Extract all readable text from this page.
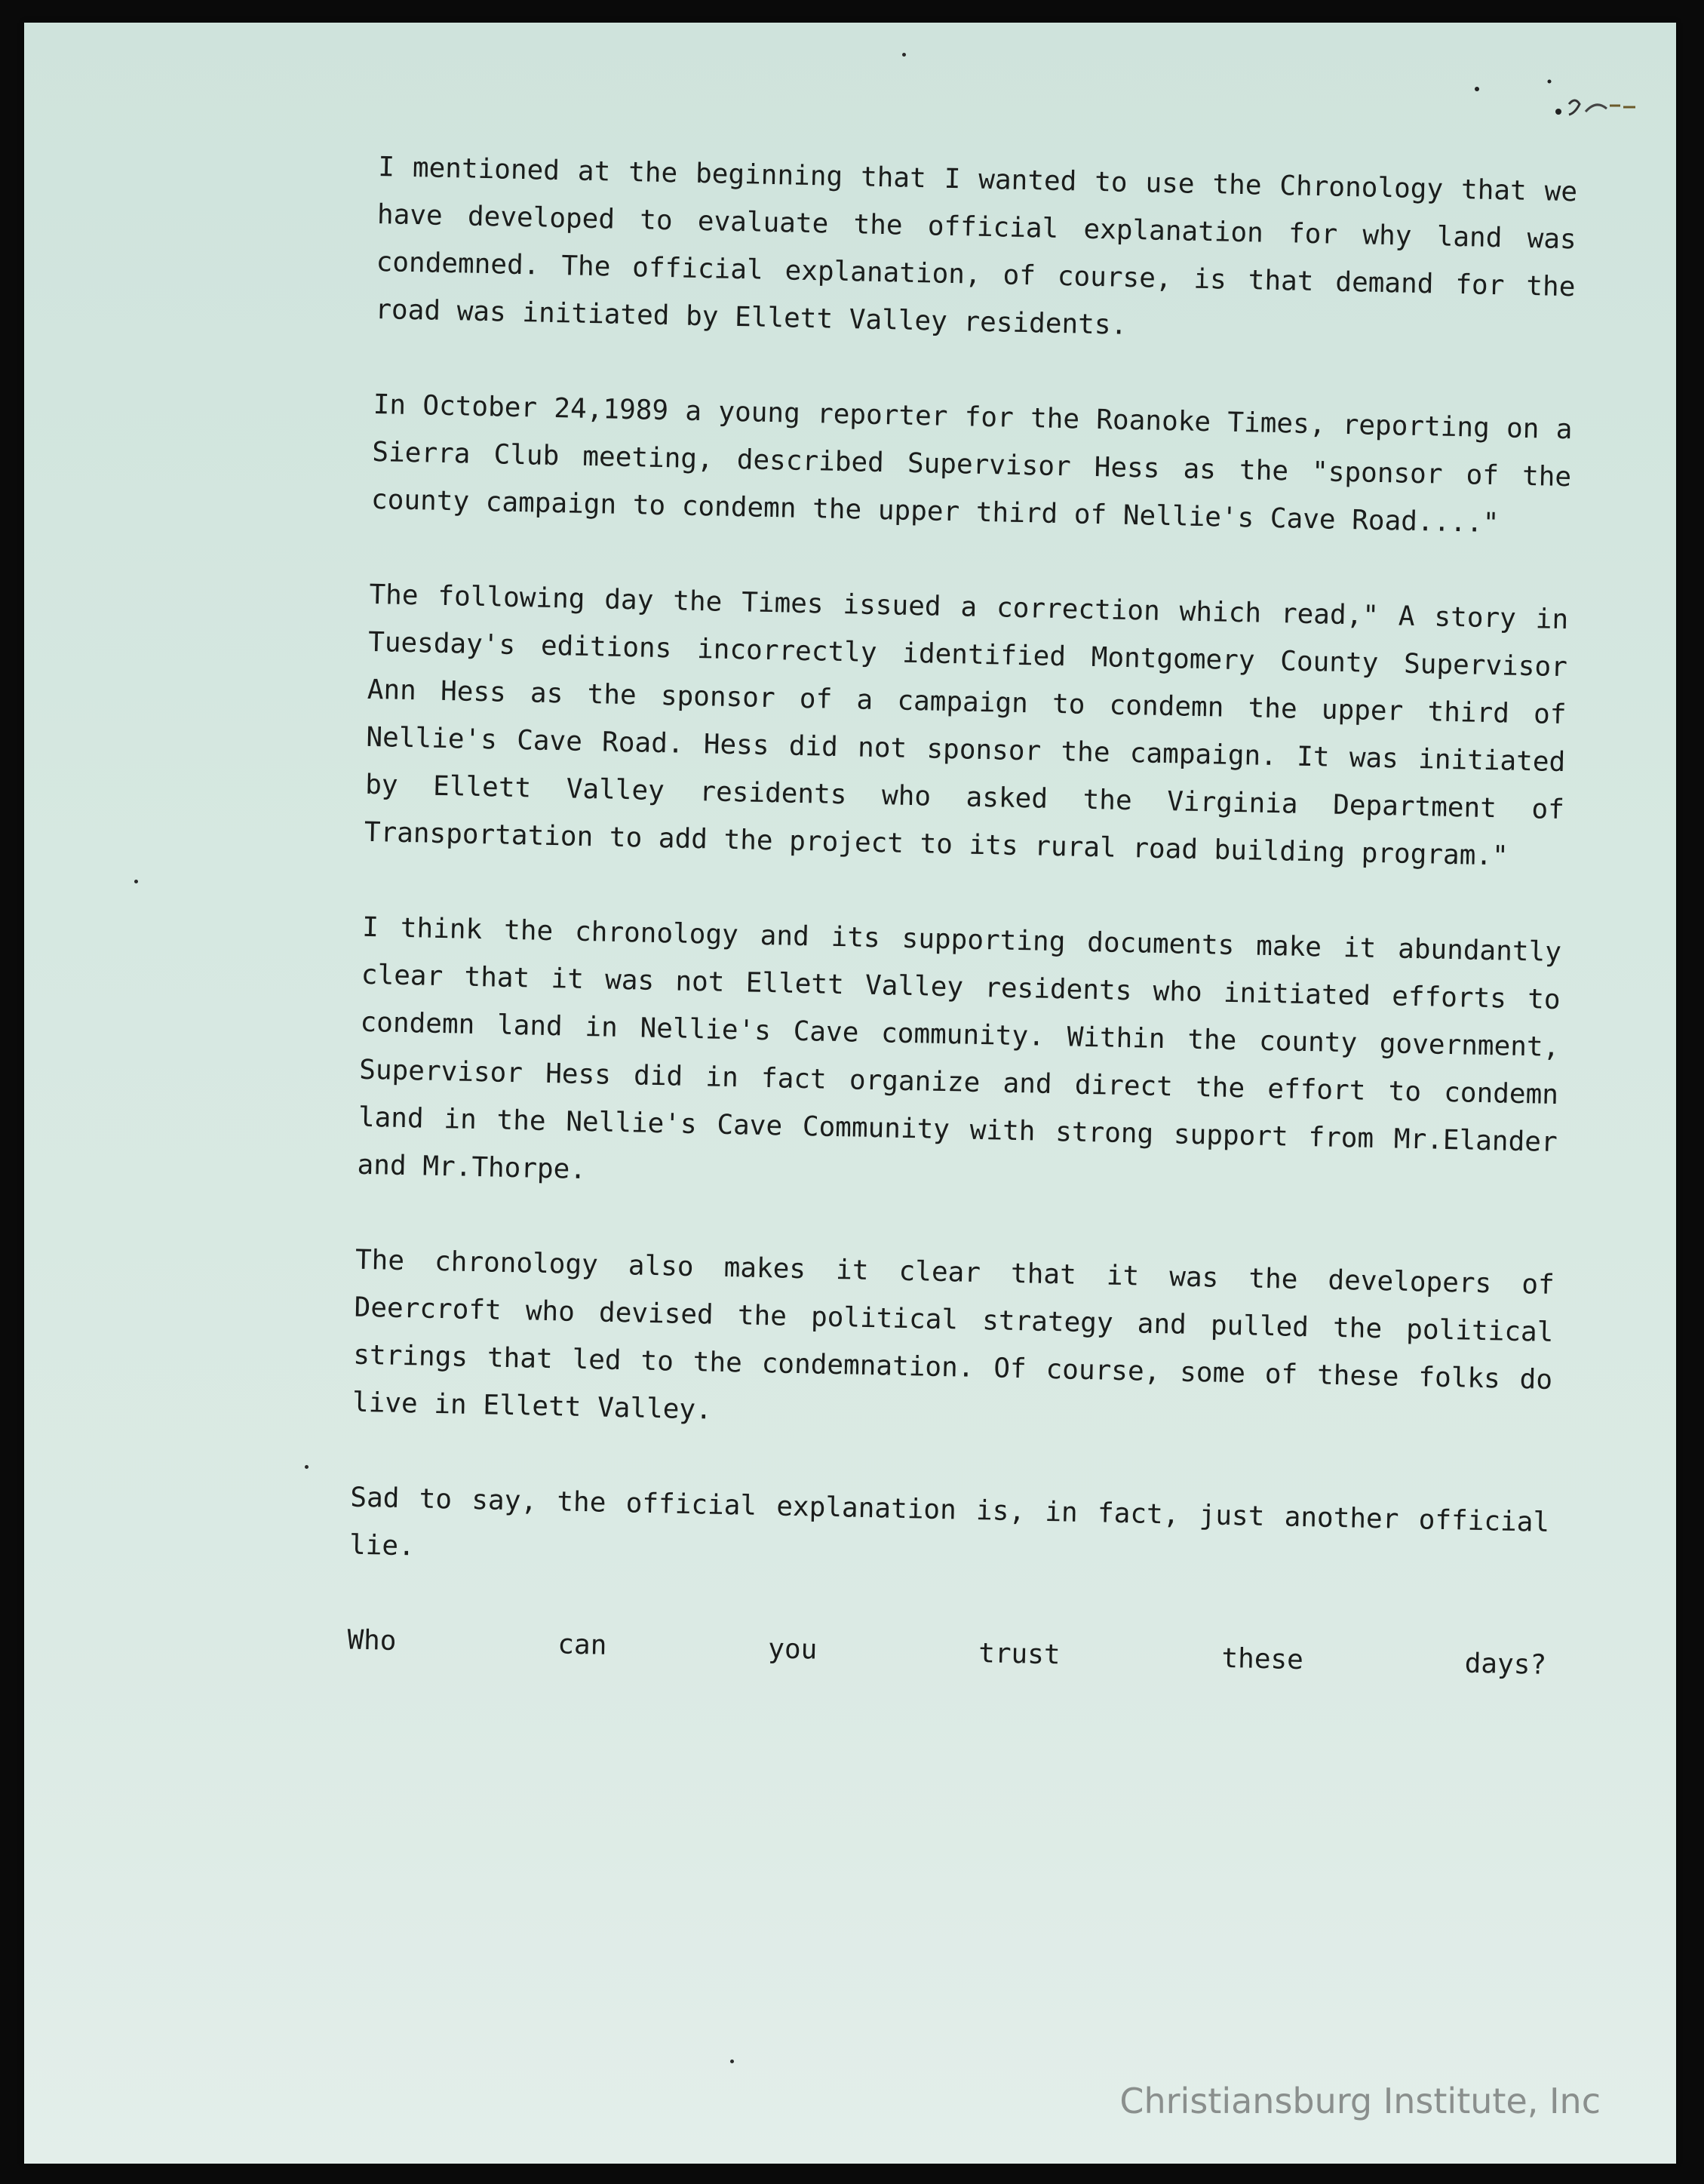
I mentioned at the beginning that I wanted to use the Chronology that we have developed to evaluate the official explanation for why land was condemned. The official explanation, of course, is that demand for the road was initiated by Ellett Valley residents.

In October 24,1989 a young reporter for the Roanoke Times, reporting on a Sierra Club meeting, described Supervisor Hess as the "sponsor of the county campaign to condemn the upper third of Nellie's Cave Road...."

The following day the Times issued a correction which read," A story in Tuesday's editions incorrectly identified Montgomery County Supervisor Ann Hess as the sponsor of a campaign to condemn the upper third of Nellie's Cave Road. Hess did not sponsor the campaign. It was initiated by Ellett Valley residents who asked the Virginia Department of Transportation to add the project to its rural road building program."

I think the chronology and its supporting documents make it abundantly clear that it was not Ellett Valley residents who initiated efforts to condemn land in Nellie's Cave community. Within the county government, Supervisor Hess did in fact organize and direct the effort to condemn land in the Nellie's Cave Community with strong support from Mr.Elander and Mr.Thorpe.

The chronology also makes it clear that it was the developers of Deercroft who devised the political strategy and pulled the political strings that led to the condemnation. Of course, some of these folks do live in Ellett Valley.

Sad to say, the official explanation is, in fact, just another official lie.

Who can you trust these days?

Christiansburg Institute, Inc
